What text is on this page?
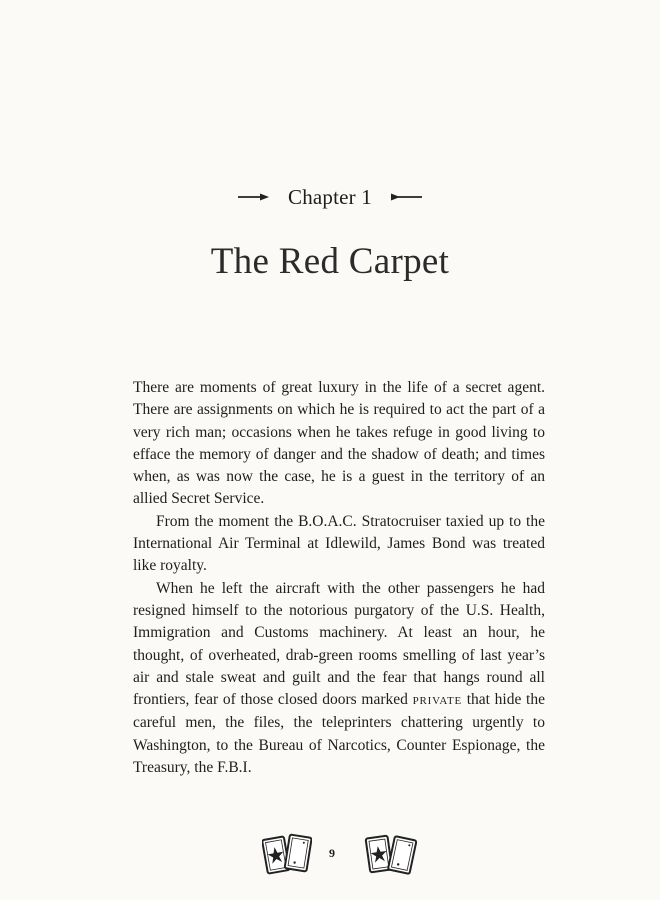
Chapter 1
The Red Carpet

There are moments of great luxury in the life of a secret agent. There are assignments on which he is required to act the part of a very rich man; occasions when he takes refuge in good living to efface the memory of danger and the shadow of death; and times when, as was now the case, he is a guest in the territory of an allied Secret Service.

From the moment the B.O.A.C. Stratocruiser taxied up to the International Air Terminal at Idlewild, James Bond was treated like royalty.

When he left the aircraft with the other passengers he had resigned himself to the notorious purgatory of the U.S. Health, Immigration and Customs machinery. At least an hour, he thought, of overheated, drab-green rooms smelling of last year’s air and stale sweat and guilt and the fear that hangs round all frontiers, fear of those closed doors marked PRIVATE that hide the careful men, the files, the teleprinters chattering urgently to Washington, to the Bureau of Narcotics, Counter Espionage, the Treasury, the F.B.I.

9
